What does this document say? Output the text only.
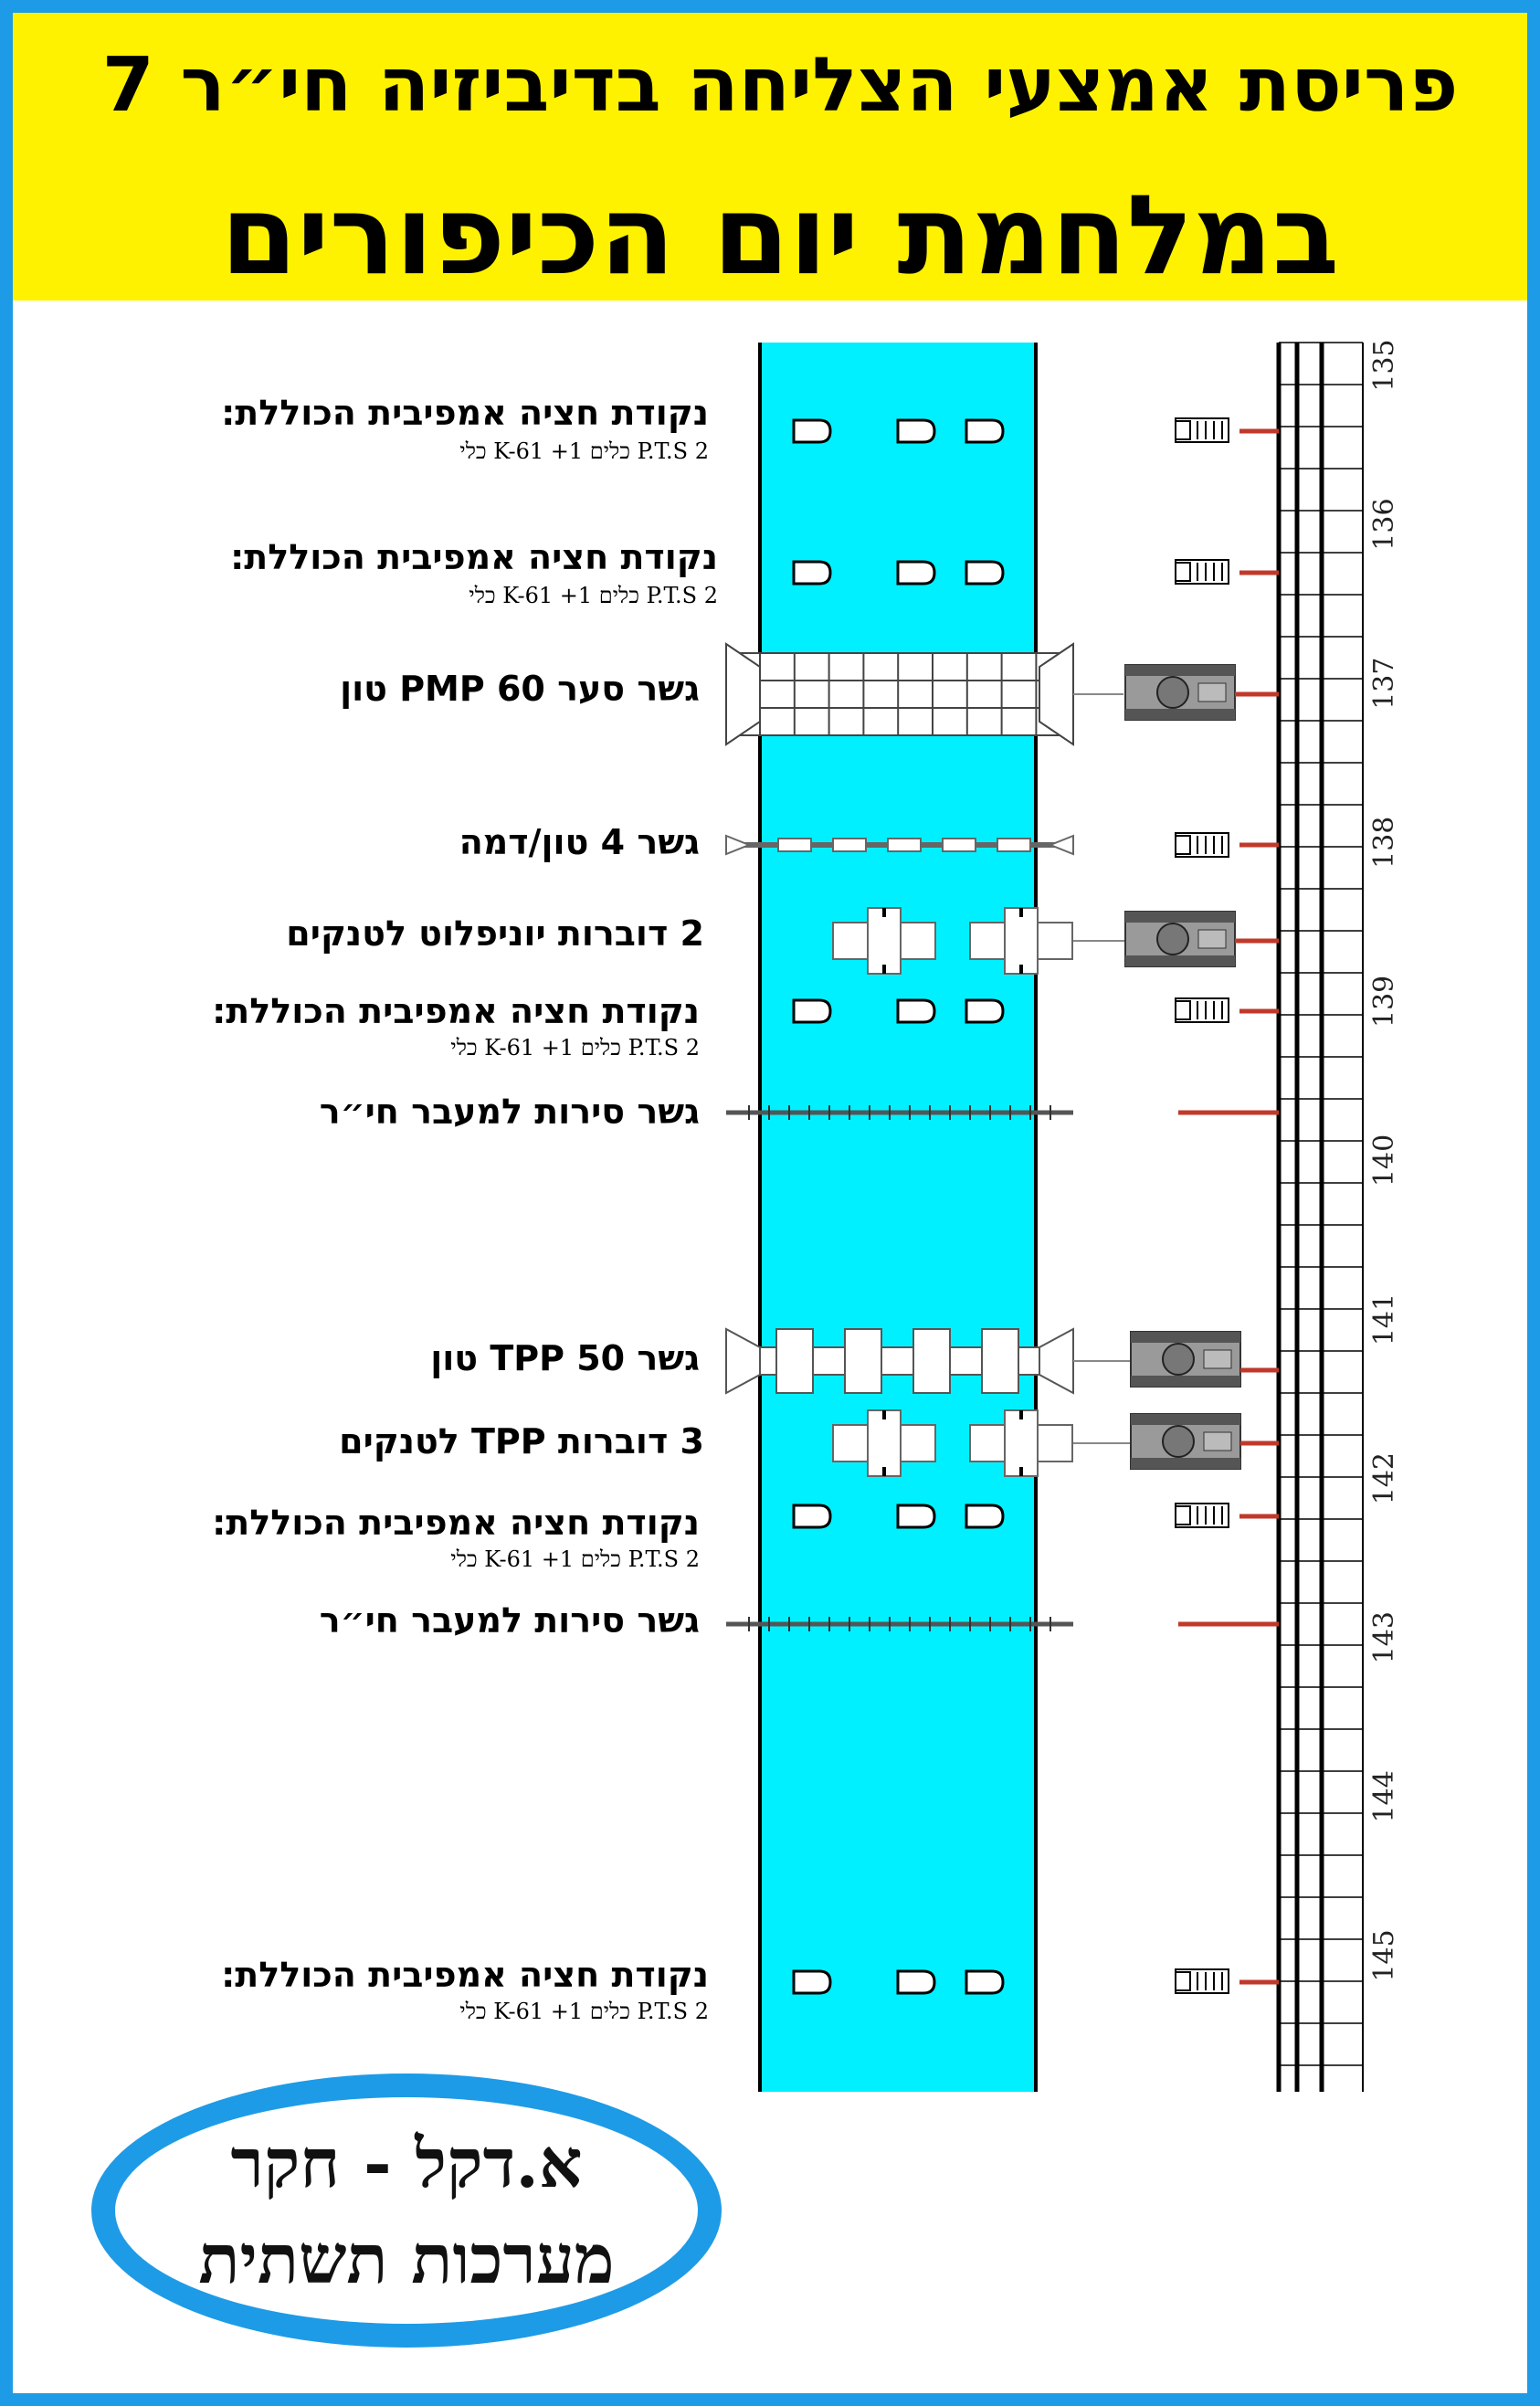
פריסת אמצעי הצליחה בדיביזיה חי״ר 7
במלחמת יום הכיפורים
135
136
137
138
139
140
141
142
143
144
145
נקודת חציה אמפיבית הכוללת:
P.T.S 2 כלים K-61 +1 כלי
נקודת חציה אמפיבית הכוללת:
P.T.S 2 כלים K-61 +1 כלי
גשר סער PMP 60 טון
גשר 4 טון/דמה
2 דוברות יוניפלוט לטנקים
נקודת חציה אמפיבית הכוללת:
P.T.S 2 כלים K-61 +1 כלי
גשר סירות למעבר חי״ר
גשר TPP 50 טון
3 דוברות TPP לטנקים
נקודת חציה אמפיבית הכוללת:
P.T.S 2 כלים K-61 +1 כלי
גשר סירות למעבר חי״ר
נקודת חציה אמפיבית הכוללת:
P.T.S 2 כלים K-61 +1 כלי
א.דקל - חקר
מערכות תשתית
